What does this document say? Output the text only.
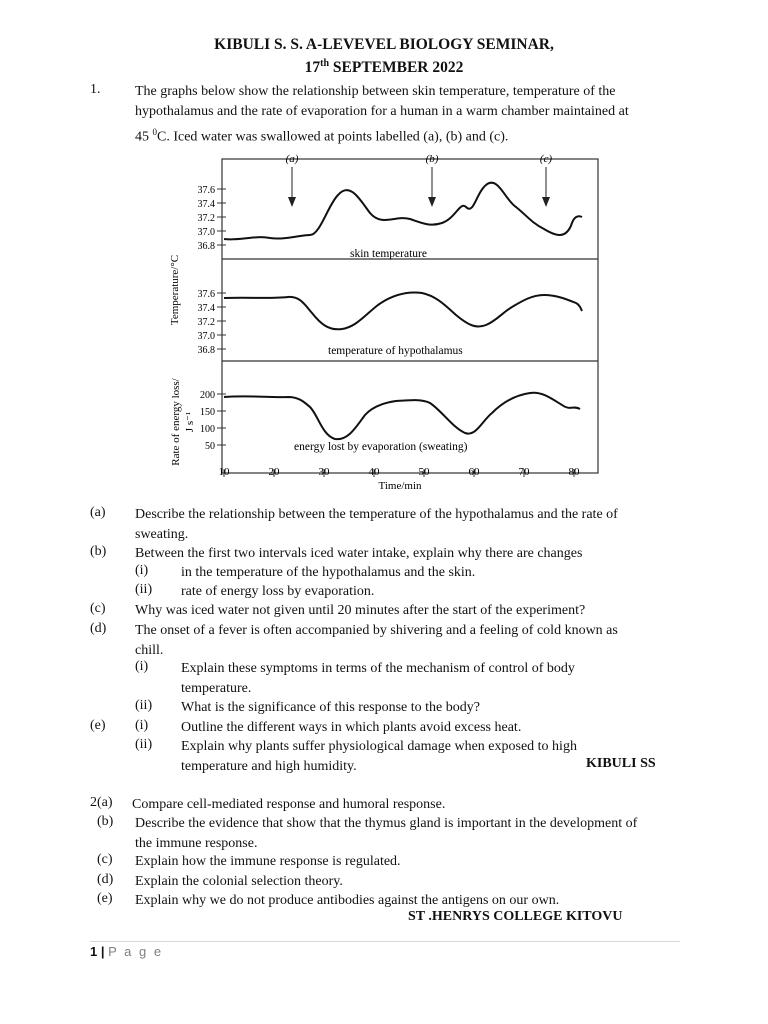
KIBULI S. S. A-LEVEVEL BIOLOGY SEMINAR,
17th SEPTEMBER 2022
1. The graphs below show the relationship between skin temperature, temperature of the
hypothalamus and the rate of evaporation for a human in a warm chamber maintained at
45 $^0$C. Iced water was swallowed at points labelled (a), (b) and (c).
(a)	(b)	(c)
Temperature/°C
Rate of energy loss/ J s⁻¹
37.6
37.4
37.2
37.0
36.8
37.6
37.4
37.2
37.0
36.8
200
150
100
50
skin temperature
temperature of hypothalamus
energy lost by evaporation (sweating)
10	20	30	40	50	60	70	80
Time/min
(a) Describe the relationship between the temperature of the hypothalamus and the rate of
sweating.
(b) Between the first two intervals iced water intake, explain why there are changes
(i) in the temperature of the hypothalamus and the skin.
(ii) rate of energy loss by evaporation.
(c) Why was iced water not given until 20 minutes after the start of the experiment?
(d) The onset of a fever is often accompanied by shivering and a feeling of cold known as
chill.
(i) Explain these symptoms in terms of the mechanism of control of body
temperature.
(ii) What is the significance of this response to the body?
(e) (i) Outline the different ways in which plants avoid excess heat.
(ii) Explain why plants suffer physiological damage when exposed to high
temperature and high humidity.	KIBULI SS
2(a) Compare cell-mediated response and humoral response.
(b) Describe the evidence that show that the thymus gland is important in the development of
the immune response.
(c) Explain how the immune response is regulated.
(d) Explain the colonial selection theory.
(e) Explain why we do not produce antibodies against the antigens on our own.
ST .HENRYS COLLEGE KITOVU
1 | P a g e
